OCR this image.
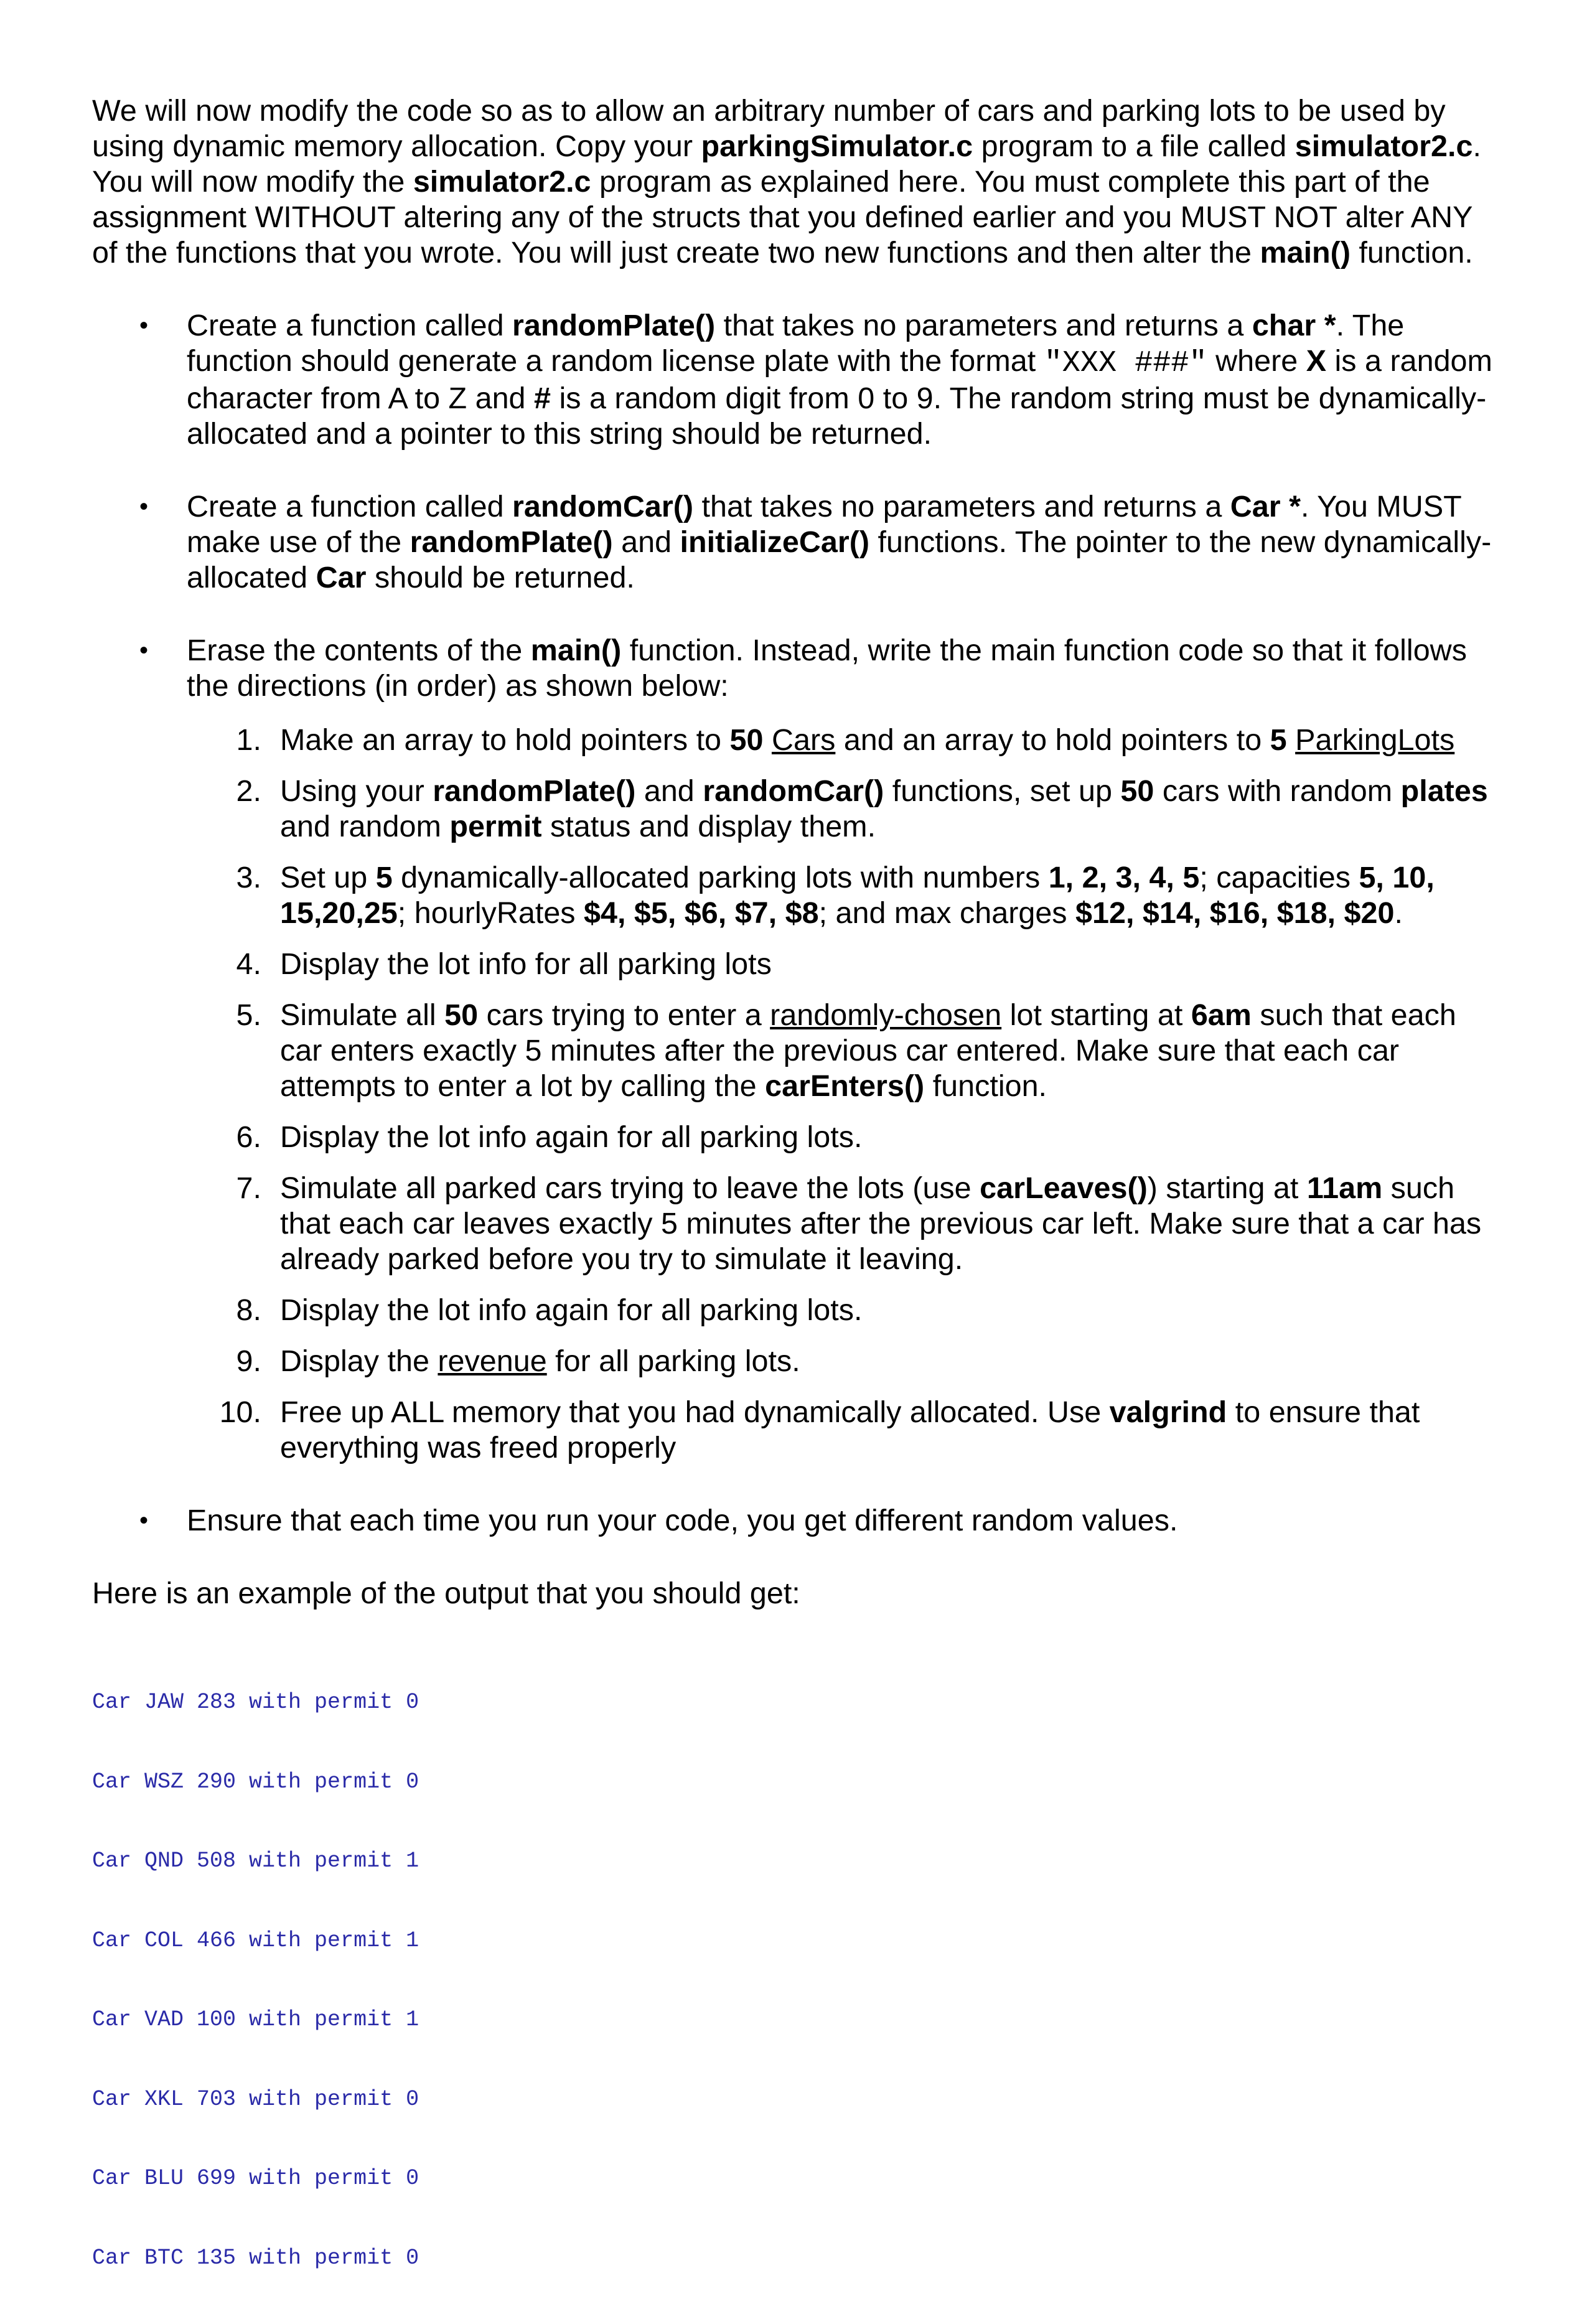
We will now modify the code so as to allow an arbitrary number of cars and parking lots to be used by using dynamic memory allocation. Copy your parkingSimulator.c program to a file called simulator2.c. You will now modify the simulator2.c program as explained here. You must complete this part of the assignment WITHOUT altering any of the structs that you defined earlier and you MUST NOT alter ANY of the functions that you wrote. You will just create two new functions and then alter the main() function.

• Create a function called randomPlate() that takes no parameters and returns a char *. The function should generate a random license plate with the format "XXX ###" where X is a random character from A to Z and # is a random digit from 0 to 9. The random string must be dynamically-allocated and a pointer to this string should be returned.

• Create a function called randomCar() that takes no parameters and returns a Car *. You MUST make use of the randomPlate() and initializeCar() functions. The pointer to the new dynamically-allocated Car should be returned.

• Erase the contents of the main() function. Instead, write the main function code so that it follows the directions (in order) as shown below:

1. Make an array to hold pointers to 50 Cars and an array to hold pointers to 5 ParkingLots
2. Using your randomPlate() and randomCar() functions, set up 50 cars with random plates and random permit status and display them.
3. Set up 5 dynamically-allocated parking lots with numbers 1, 2, 3, 4, 5; capacities 5, 10, 15,20,25; hourlyRates $4, $5, $6, $7, $8; and max charges $12, $14, $16, $18, $20.
4. Display the lot info for all parking lots
5. Simulate all 50 cars trying to enter a randomly-chosen lot starting at 6am such that each car enters exactly 5 minutes after the previous car entered. Make sure that each car attempts to enter a lot by calling the carEnters() function.
6. Display the lot info again for all parking lots.
7. Simulate all parked cars trying to leave the lots (use carLeaves()) starting at 11am such that each car leaves exactly 5 minutes after the previous car left. Make sure that a car has already parked before you try to simulate it leaving.
8. Display the lot info again for all parking lots.
9. Display the revenue for all parking lots.
10. Free up ALL memory that you had dynamically allocated. Use valgrind to ensure that everything was freed properly
• Ensure that each time you run your code, you get different random values.

Here is an example of the output that you should get:

Car JAW 283 with permit 0

Car WSZ 290 with permit 0

Car QND 508 with permit 1

Car COL 466 with permit 1

Car VAD 100 with permit 1

Car XKL 703 with permit 0

Car BLU 699 with permit 0

Car BTC 135 with permit 0
